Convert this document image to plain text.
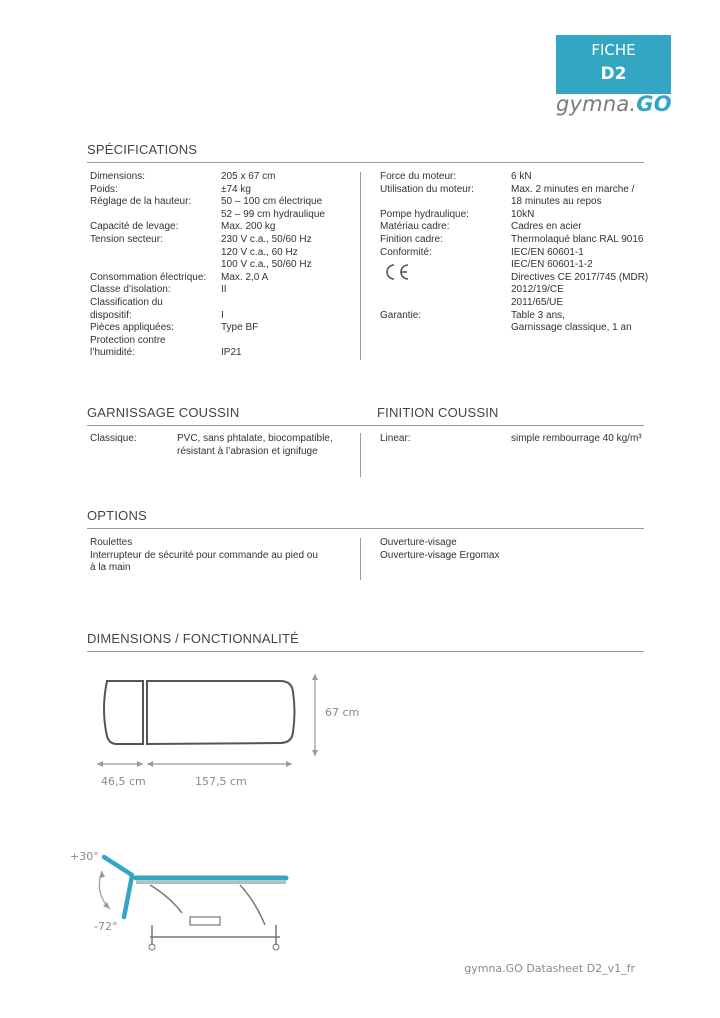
FICHE
D2
gymna.GO
SPÉCIFICATIONS
Dimensions:	205 x 67 cm
Poids:	±74 kg
Réglage de la hauteur:	50 – 100 cm électrique
52 – 99 cm hydraulique
Capacité de levage:	Max. 200 kg
Tension secteur:	230 V c.a., 50/60 Hz
120 V c.a., 60 Hz
100 V c.a., 50/60 Hz
Consommation électrique: Max. 2,0 A
Classe d’isolation:	II
Classification du
dispositif:	I
Pièces appliquées:	Type BF
Protection contre
l’humidité:	IP21
Force du moteur:	6 kN
Utilisation du moteur:	Max. 2 minutes en marche /
18 minutes au repos
Pompe hydraulique:	10kN
Matériau cadre:	Cadres en acier
Finition cadre:	Thermolaqué blanc RAL 9016
Conformité:	IEC/EN 60601-1
IEC/EN 60601-1-2
Directives CE 2017/745 (MDR)
2012/19/CE
2011/65/UE
Garantie:	Table 3 ans,
Garnissage classique, 1 an
GARNISSAGE COUSSIN	FINITION COUSSIN
Classique:	PVC, sans phtalate, biocompatible,
résistant à l’abrasion et ignifuge
Linear:	simple rembourrage 40 kg/m³
OPTIONS
Roulettes
Interrupteur de sécurité pour commande au pied ou
à la main
Ouverture-visage
Ouverture-visage Ergomax
DIMENSIONS / FONCTIONNALITÉ
67 cm
46,5 cm	157,5 cm
+30°
-72°
gymna.GO Datasheet D2_v1_fr
